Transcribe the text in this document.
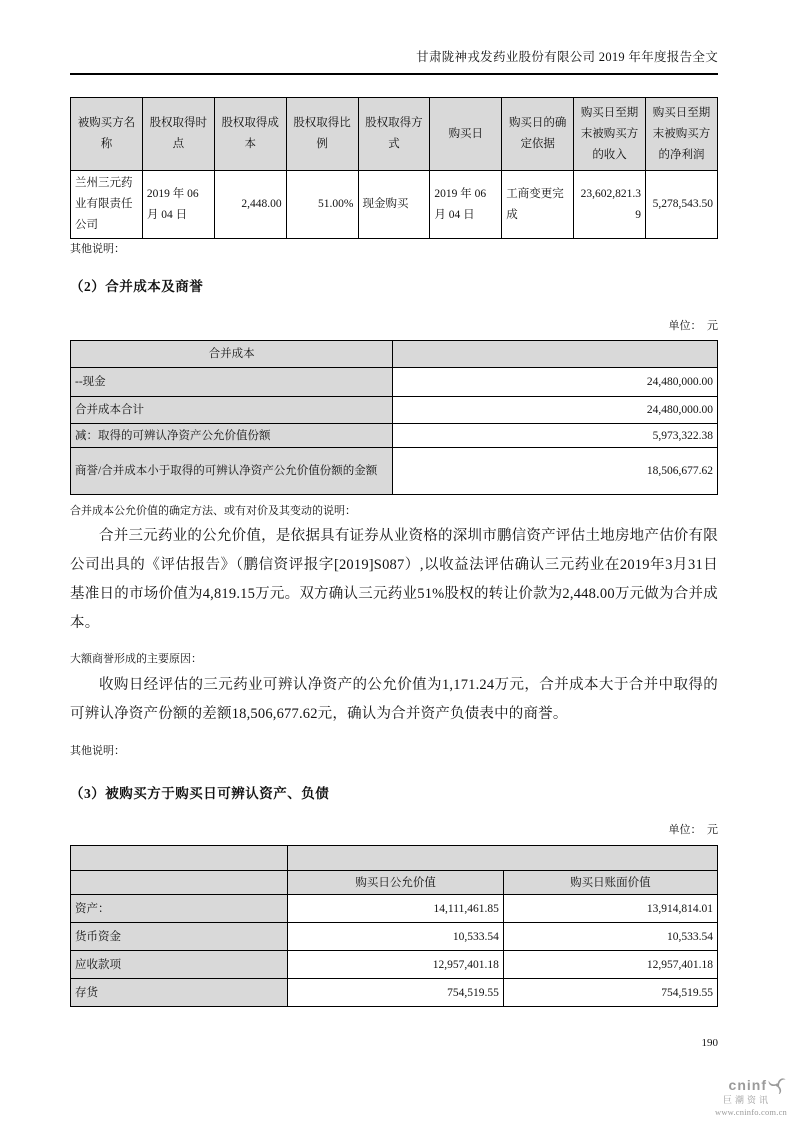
甘肃陇神戎发药业股份有限公司 2019 年年度报告全文
被购买方名称	股权取得时点	股权取得成本	股权取得比例	股权取得方式	购买日	购买日的确定依据	购买日至期末被购买方的收入	购买日至期末被购买方的净利润
兰州三元药业有限责任公司	2019 年 06 月 04 日	2,448.00	51.00%	现金购买	2019 年 06 月 04 日	工商变更完成	23,602,821.39	5,278,543.50
其他说明：
（2）合并成本及商誉
单位：　元
合并成本	
--现金	24,480,000.00
合并成本合计	24,480,000.00
减：取得的可辨认净资产公允价值份额	5,973,322.38
商誉/合并成本小于取得的可辨认净资产公允价值份额的金额	18,506,677.62
合并成本公允价值的确定方法、或有对价及其变动的说明：
合并三元药业的公允价值，是依据具有证券从业资格的深圳市鹏信资产评估土地房地产估价有限公司出具的《评估报告》（鹏信资评报字[2019]S087）,以收益法评估确认三元药业在2019年3月31日基准日的市场价值为4,819.15万元。双方确认三元药业51%股权的转让价款为2,448.00万元做为合并成本。
大额商誉形成的主要原因：
收购日经评估的三元药业可辨认净资产的公允价值为1,171.24万元，合并成本大于合并中取得的可辨认净资产份额的差额18,506,677.62元，确认为合并资产负债表中的商誉。
其他说明：
（3）被购买方于购买日可辨认资产、负债
单位：　元

	购买日公允价值	购买日账面价值
资产：	14,111,461.85	13,914,814.01
货币资金	10,533.54	10,533.54
应收款项	12,957,401.18	12,957,401.18
存货	754,519.55	754,519.55
190
cninf
巨潮资讯
www.cninfo.com.cn
